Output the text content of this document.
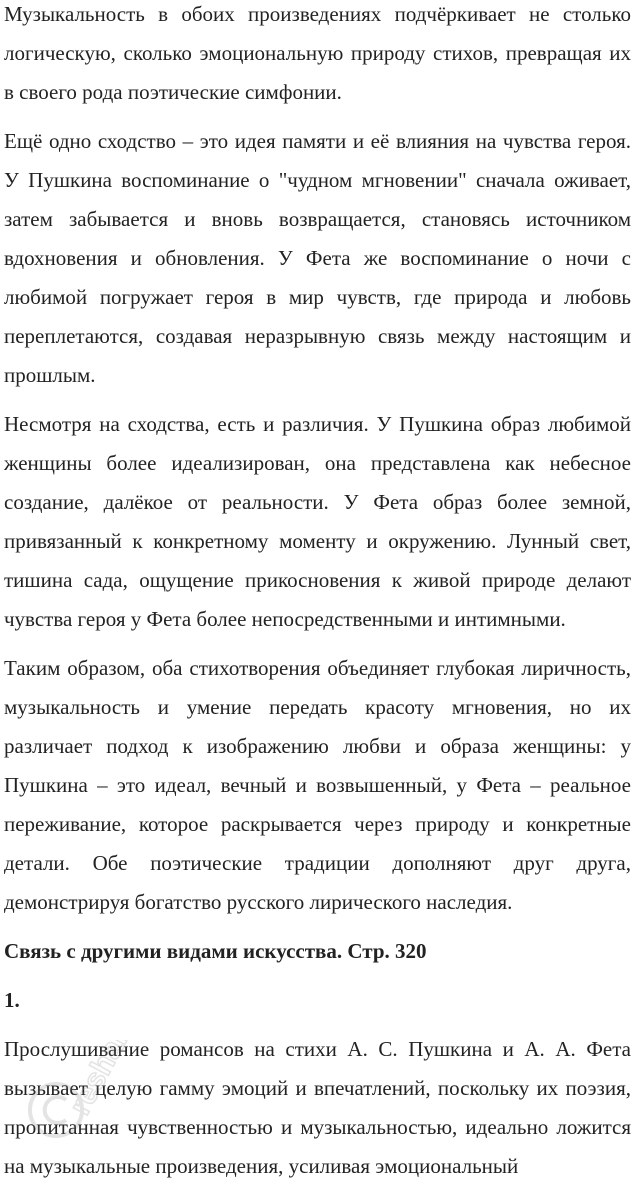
Музыкальность в обоих произведениях подчёркивает не столько логическую, сколько эмоциональную природу стихов, превращая их в своего рода поэтические симфонии.

Ещё одно сходство – это идея памяти и её влияния на чувства героя. У Пушкина воспоминание о "чудном мгновении" сначала оживает, затем забывается и вновь возвращается, становясь источником вдохновения и обновления. У Фета же воспоминание о ночи с любимой погружает героя в мир чувств, где природа и любовь переплетаются, создавая неразрывную связь между настоящим и прошлым.

Несмотря на сходства, есть и различия. У Пушкина образ любимой женщины более идеализирован, она представлена как небесное создание, далёкое от реальности. У Фета образ более земной, привязанный к конкретному моменту и окружению. Лунный свет, тишина сада, ощущение прикосновения к живой природе делают чувства героя у Фета более непосредственными и интимными.

Таким образом, оба стихотворения объединяет глубокая лиричность, музыкальность и умение передать красоту мгновения, но их различает подход к изображению любви и образа женщины: у Пушкина – это идеал, вечный и возвышенный, у Фета – реальное переживание, которое раскрывается через природу и конкретные детали. Обе поэтические традиции дополняют друг друга, демонстрируя богатство русского лирического наследия.

Связь с другими видами искусства. Стр. 320

1.

Прослушивание романсов на стихи А. С. Пушкина и А. А. Фета вызывает целую гамму эмоций и впечатлений, поскольку их поэзия, пропитанная чувственностью и музыкальностью, идеально ложится на музыкальные произведения, усиливая эмоциональный

reshak.ru
